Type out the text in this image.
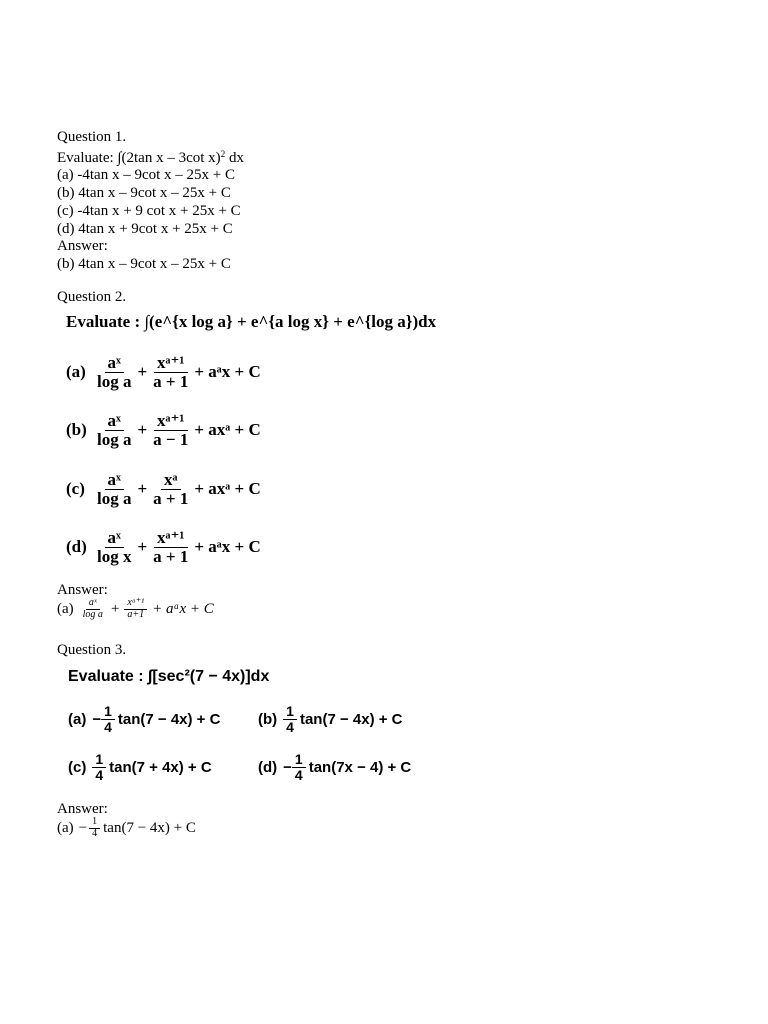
Question 1.
Evaluate: ∫(2tan x – 3cot x)$^2$ dx
(a) -4tan x – 9cot x – 25x + C
(b) 4tan x – 9cot x – 25x + C
(c) -4tan x + 9 cot x + 25x + C
(d) 4tan x + 9cot x + 25x + C
Answer:
(b) 4tan x – 9cot x – 25x + C
Question 2.
Evaluate : ∫(e^{x log a} + e^{a log x} + e^{log a})dx
$(a) \frac{\text{aˣ}}{\text{log a}} + \frac{\text{xᵃ⁺¹}}{a + 1}$ + aᵃx + C
$(b) \frac{\text{aˣ}}{\text{log a}} + \frac{\text{xᵃ⁺¹}}{a - 1}$ + axᵃ + C
$(c) \frac{\text{aˣ}}{\text{log a}} + \frac{\text{xᵃ}}{a + 1}$ + axᵃ + C
$(d) \frac{\text{aˣ}}{\text{log x}} + \frac{\text{xᵃ⁺¹}}{a + 1}$ + aᵃx + C
Answer:
$(a) \frac{\text{aˣ}}{\text{log a}} + \frac{\text{xᵃ⁺¹}}{a+1}$ + aᵃx + C
Question 3.
Evaluate : ∫[sec²(7 − 4x)]dx
$(a) - \frac{1}{4} \tan(7 - 4x) + C$	$(b) \frac{1}{4} \tan(7 - 4x) + C$
$(c) \frac{1}{4} \tan(7 + 4x) + C$	$(d) - \frac{1}{4} \tan(7x - 4) + C$
Answer:
$(a) - \frac{1}{4} \tan(7 - 4x) + C$
